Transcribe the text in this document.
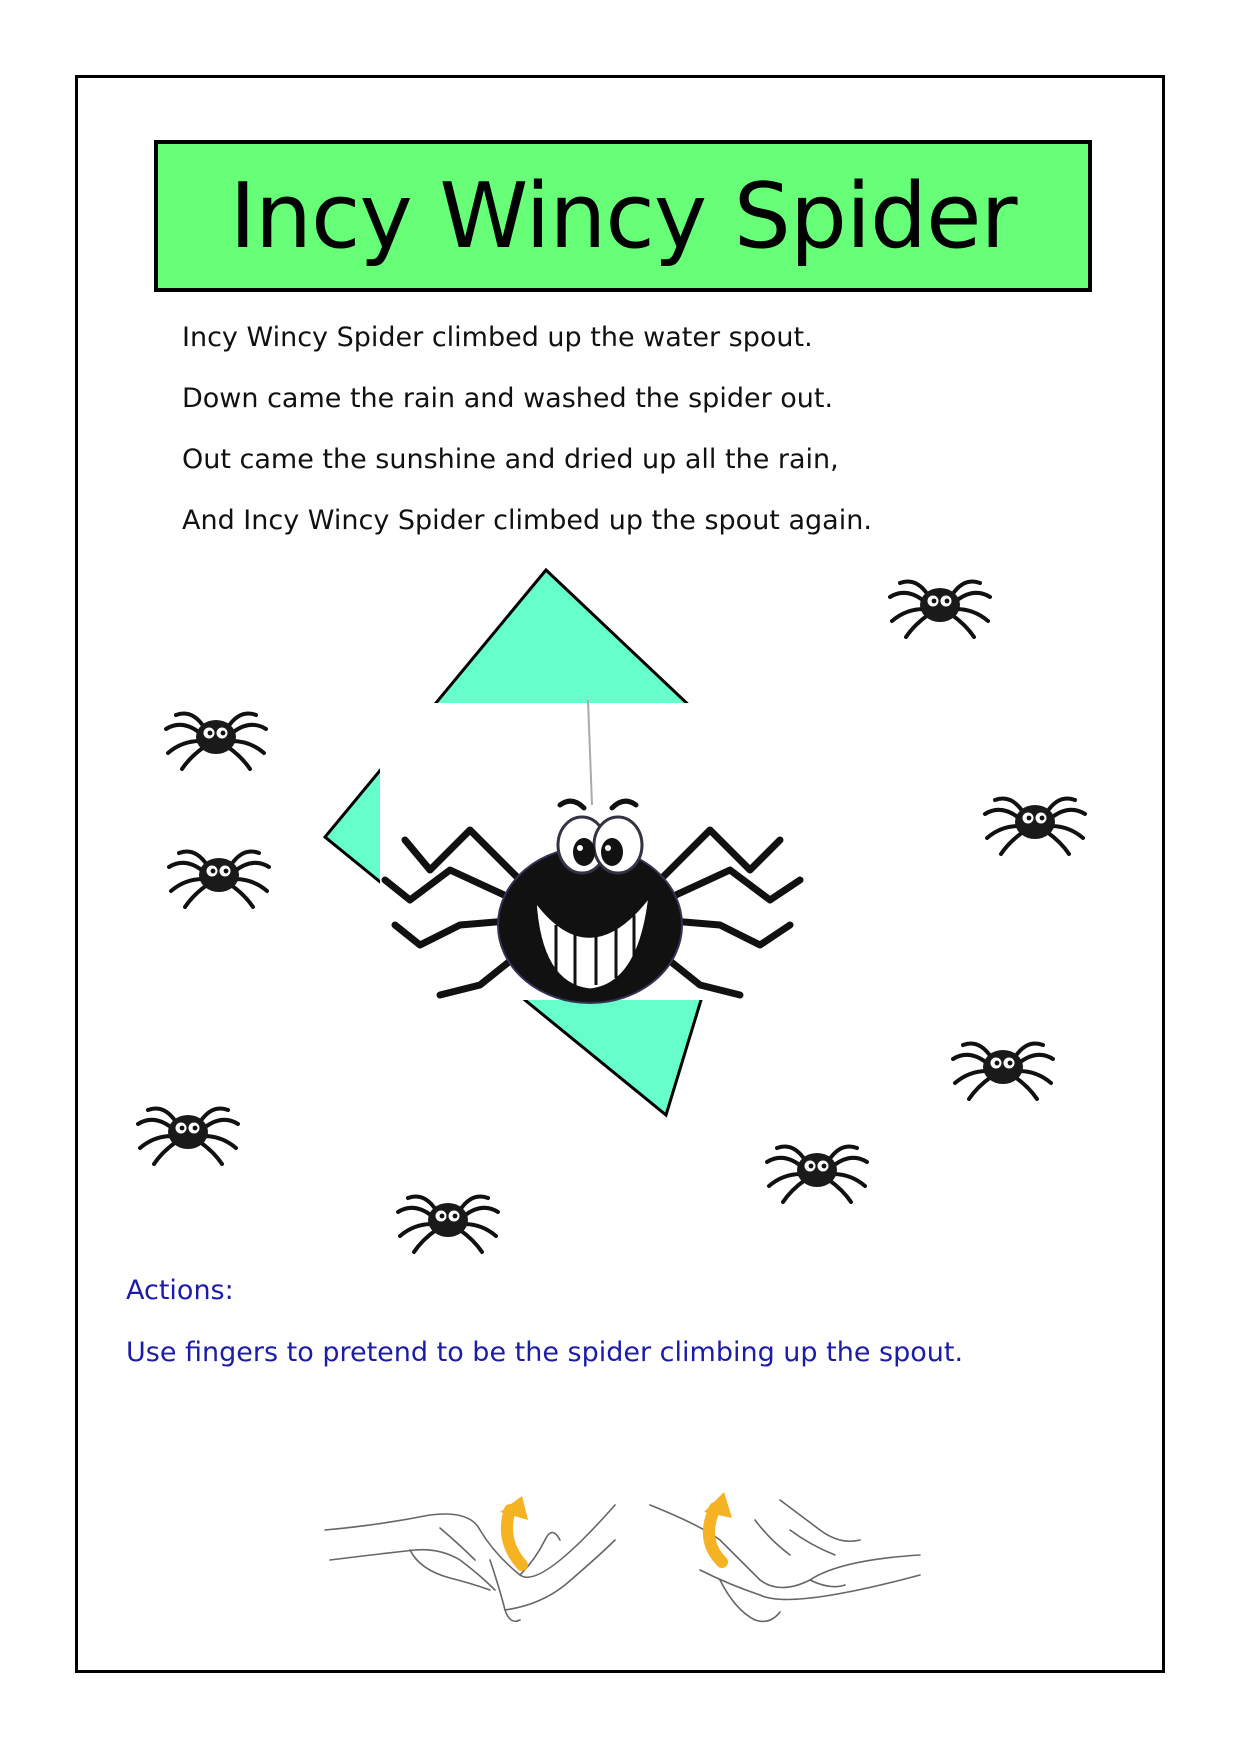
Incy Wincy Spider
Incy Wincy Spider climbed up the water spout.
Down came the rain and washed the spider out.
Out came the sunshine and dried up all the rain,
And Incy Wincy Spider climbed up the spout again.
Actions:
Use fingers to pretend to be the spider climbing up the spout.
